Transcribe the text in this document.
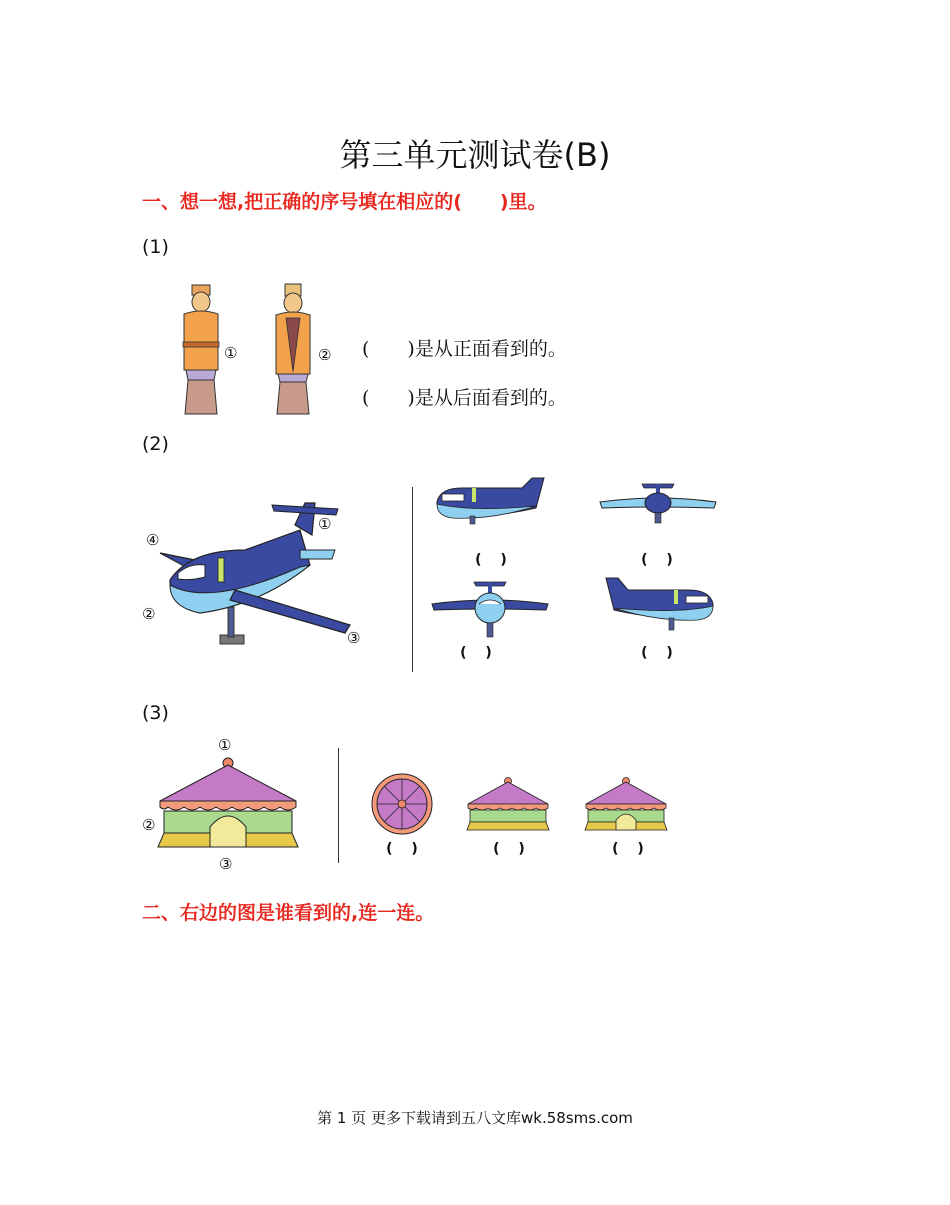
第三单元测试卷(B)
一、想一想,把正确的序号填在相应的(　　)里。
(1)
①	② (　　)是从正面看到的。
(　　)是从后面看到的。
(2)
①
②
③
④
(　 )	(　 )
(　 )	(　 )
(3)
①
②
③
(　 )	(　 )	(　 )
二、右边的图是谁看到的,连一连。
第 1 页 更多下载请到五八文库wk.58sms.com
